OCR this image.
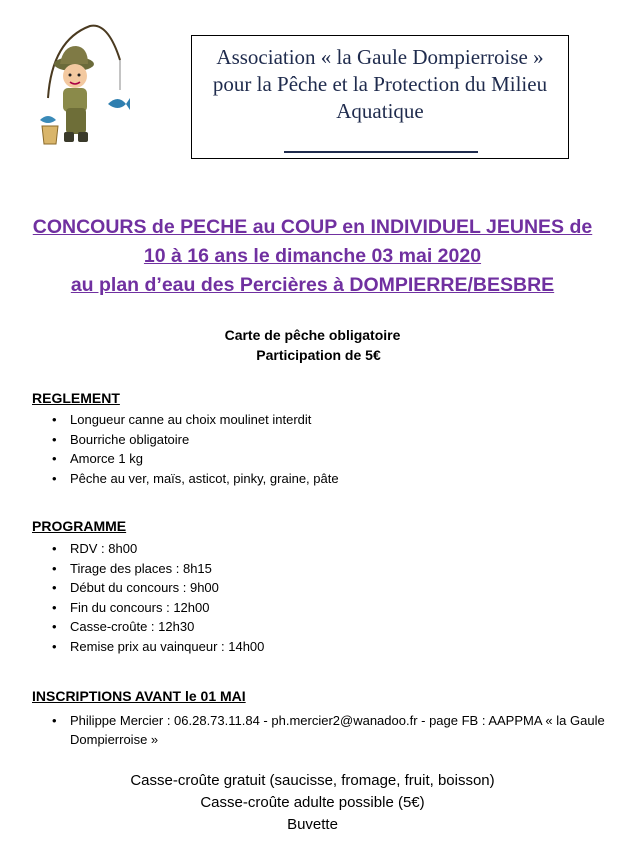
Association « la Gaule Dompierroise » pour la Pêche et la Protection du Milieu Aquatique
CONCOURS de PECHE au COUP en INDIVIDUEL JEUNES de
10 à 16 ans le dimanche 03 mai 2020
au plan d’eau des Percières à DOMPIERRE/BESBRE
Carte de pêche obligatoire
Participation de 5€
REGLEMENT
• Longueur canne au choix moulinet interdit
• Bourriche obligatoire
• Amorce 1 kg
• Pêche au ver, maïs, asticot, pinky, graine, pâte
PROGRAMME
• RDV : 8h00
• Tirage des places : 8h15
• Début du concours : 9h00
• Fin du concours : 12h00
• Casse-croûte : 12h30
• Remise prix au vainqueur : 14h00
INSCRIPTIONS AVANT le 01 MAI
•	Philippe Mercier : 06.28.73.11.84 - ph.mercier2@wanadoo.fr - page FB : AAPPMA « la Gaule Dompierroise »
Casse-croûte gratuit (saucisse, fromage, fruit, boisson)
Casse-croûte adulte possible (5€)
Buvette
